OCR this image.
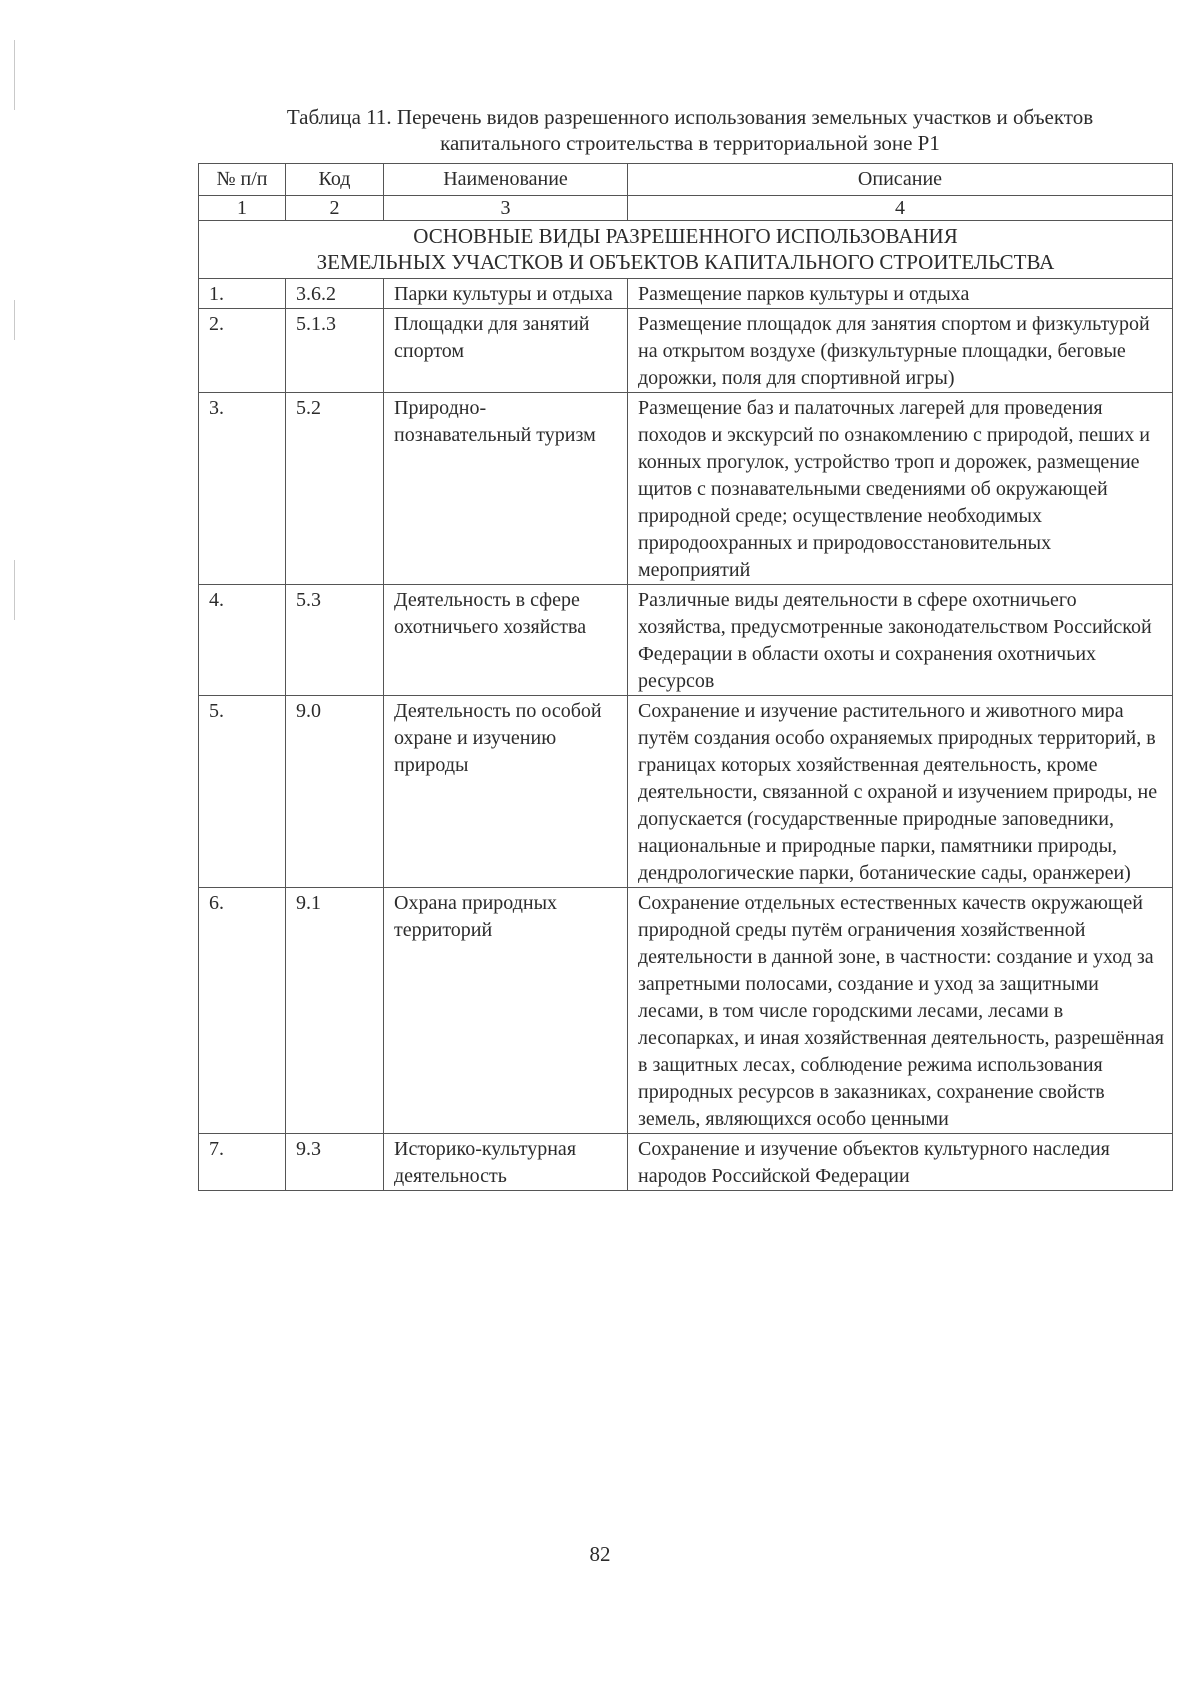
Таблица 11. Перечень видов разрешенного использования земельных участков и объектов
капитального строительства в территориальной зоне Р1
№ п/п	Код	Наименование	Описание
1	2	3	4

ОСНОВНЫЕ ВИДЫ РАЗРЕШЕННОГО ИСПОЛЬЗОВАНИЯ
ЗЕМЕЛЬНЫХ УЧАСТКОВ И ОБЪЕКТОВ КАПИТАЛЬНОГО СТРОИТЕЛЬСТВА			

1.	3.6.2	Парки культуры и отдыха	Размещение парков культуры и отдыха
2.	5.1.3	Площадки для занятий спортом	Размещение площадок для занятия спортом и физкультурой на открытом воздухе (физкультурные площадки, беговые дорожки, поля для спортивной игры)
3.	5.2	Природно-познавательный туризм	Размещение баз и палаточных лагерей для проведения походов и экскурсий по ознакомлению с природой, пеших и конных прогулок, устройство троп и дорожек, размещение щитов с познавательными сведениями об окружающей природной среде; осуществление необходимых природоохранных и природовосстановительных мероприятий
4.	5.3	Деятельность в сфере охотничьего хозяйства	Различные виды деятельности в сфере охотничьего хозяйства, предусмотренные законодательством Российской Федерации в области охоты и сохранения охотничьих ресурсов
5.	9.0	Деятельность по особой охране и изучению природы	Сохранение и изучение растительного и животного мира путём создания особо охраняемых природных территорий, в границах которых хозяйственная деятельность, кроме деятельности, связанной с охраной и изучением природы, не допускается (государственные природные заповедники, национальные и природные парки, памятники природы, дендрологические парки, ботанические сады, оранжереи)
6.	9.1	Охрана природных территорий	Сохранение отдельных естественных качеств окружающей природной среды путём ограничения хозяйственной деятельности в данной зоне, в частности: создание и уход за запретными полосами, создание и уход за защитными лесами, в том числе городскими лесами, лесами в лесопарках, и иная хозяйственная деятельность, разрешённая в защитных лесах, соблюдение режима использования природных ресурсов в заказниках, сохранение свойств земель, являющихся особо ценными
7.	9.3	Историко-культурная деятельность	Сохранение и изучение объектов культурного наследия народов Российской Федерации
82
